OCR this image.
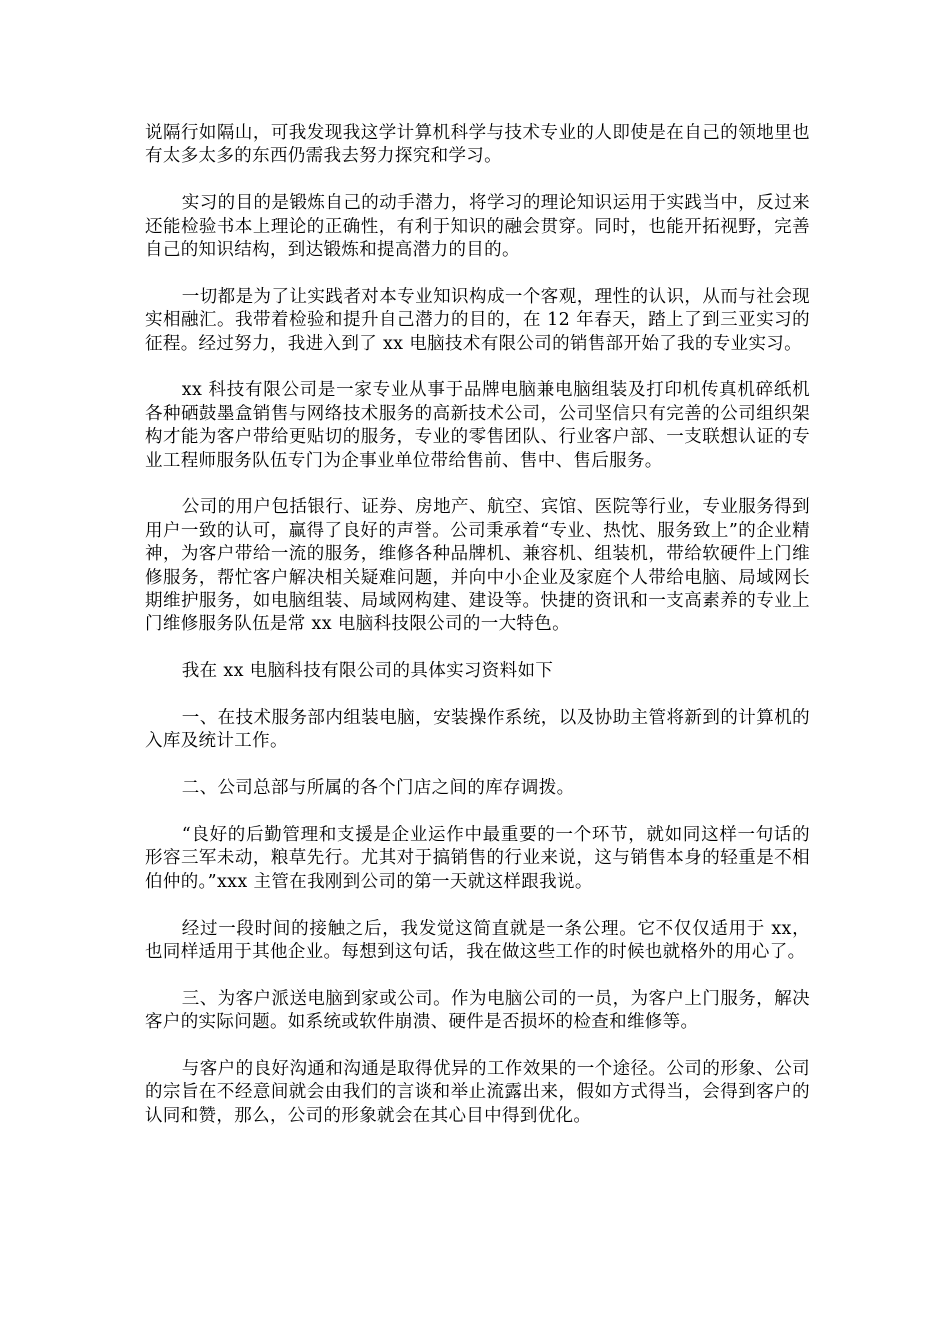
说隔行如隔山，可我发现我这学计算机科学与技术专业的人即使是在自己的领地里也有太多太多的东西仍需我去努力探究和学习。

实习的目的是锻炼自己的动手潜力，将学习的理论知识运用于实践当中，反过来还能检验书本上理论的正确性，有利于知识的融会贯穿。同时，也能开拓视野，完善自己的知识结构，到达锻炼和提高潜力的目的。

一切都是为了让实践者对本专业知识构成一个客观，理性的认识，从而与社会现实相融汇。我带着检验和提升自己潜力的目的，在 12 年春天，踏上了到三亚实习的征程。经过努力，我进入到了 xx 电脑技术有限公司的销售部开始了我的专业实习。

xx 科技有限公司是一家专业从事于品牌电脑兼电脑组装及打印机传真机碎纸机各种硒鼓墨盒销售与网络技术服务的高新技术公司，公司坚信只有完善的公司组织架构才能为客户带给更贴切的服务，专业的零售团队、行业客户部、一支联想认证的专业工程师服务队伍专门为企事业单位带给售前、售中、售后服务。

公司的用户包括银行、证券、房地产、航空、宾馆、医院等行业，专业服务得到用户一致的认可，赢得了良好的声誉。公司秉承着“专业、热忱、服务致上”的企业精神，为客户带给一流的服务，维修各种品牌机、兼容机、组装机，带给软硬件上门维修服务，帮忙客户解决相关疑难问题，并向中小企业及家庭个人带给电脑、局域网长期维护服务，如电脑组装、局域网构建、建设等。快捷的资讯和一支高素养的专业上门维修服务队伍是常 xx 电脑科技限公司的一大特色。

我在 xx 电脑科技有限公司的具体实习资料如下

一、在技术服务部内组装电脑，安装操作系统，以及协助主管将新到的计算机的入库及统计工作。

二、公司总部与所属的各个门店之间的库存调拨。

“良好的后勤管理和支援是企业运作中最重要的一个环节，就如同这样一句话的形容三军未动，粮草先行。尤其对于搞销售的行业来说，这与销售本身的轻重是不相伯仲的。”xxx 主管在我刚到公司的第一天就这样跟我说。

经过一段时间的接触之后，我发觉这简直就是一条公理。它不仅仅适用于 xx，也同样适用于其他企业。每想到这句话，我在做这些工作的时候也就格外的用心了。

三、为客户派送电脑到家或公司。作为电脑公司的一员，为客户上门服务，解决客户的实际问题。如系统或软件崩溃、硬件是否损坏的检查和维修等。

与客户的良好沟通和沟通是取得优异的工作效果的一个途径。公司的形象、公司的宗旨在不经意间就会由我们的言谈和举止流露出来，假如方式得当，会得到客户的认同和赞，那么，公司的形象就会在其心目中得到优化。
